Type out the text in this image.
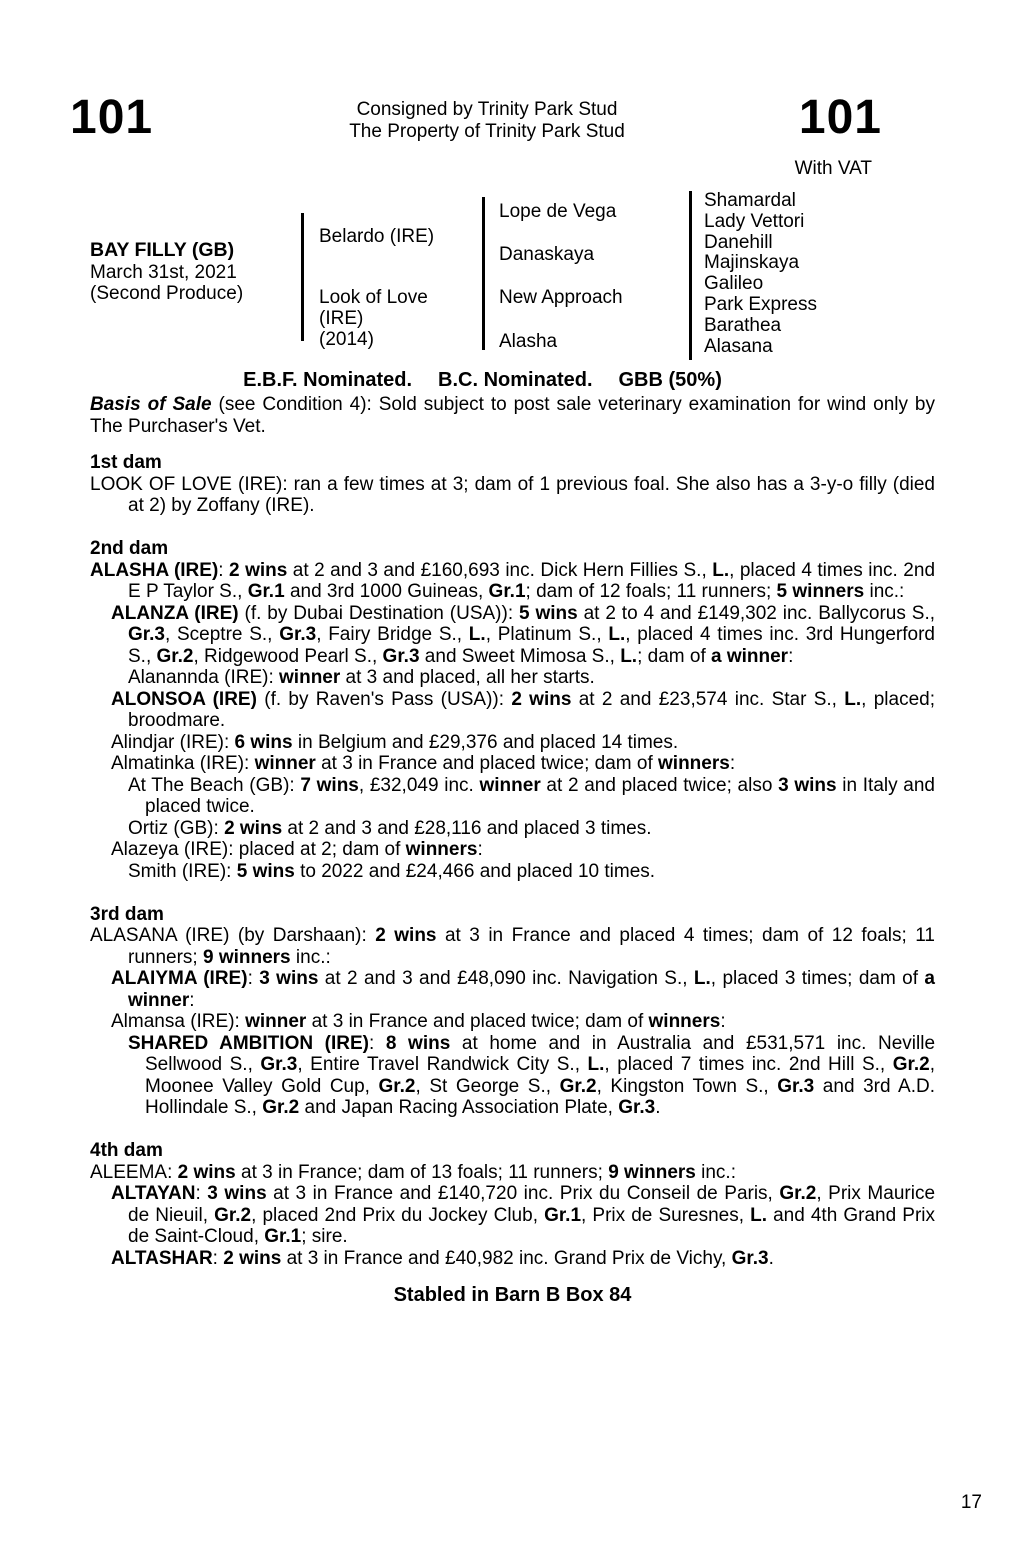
101	Consigned by Trinity Park Stud
The Property of Trinity Park Stud	101
With VAT
BAY FILLY (GB)
March 31st, 2021
(Second Produce)
Belardo (IRE)
Look of Love
(IRE)
(2014)
Lope de Vega
Danaskaya
New Approach
Alasha
Shamardal
Lady Vettori
Danehill
Majinskaya
Galileo
Park Express
Barathea
Alasana
E.B.F. Nominated. B.C. Nominated. GBB (50%)
Basis of Sale (see Condition 4): Sold subject to post sale veterinary examination for wind only by The Purchaser's Vet.
1st dam
LOOK OF LOVE (IRE): ran a few times at 3; dam of 1 previous foal. She also has a 3-y-o filly (died at 2) by Zoffany (IRE).
2nd dam
ALASHA (IRE): 2 wins at 2 and 3 and £160,693 inc. Dick Hern Fillies S., L., placed 4 times inc. 2nd E P Taylor S., Gr.1 and 3rd 1000 Guineas, Gr.1; dam of 12 foals; 11 runners; 5 winners inc.:
ALANZA (IRE) (f. by Dubai Destination (USA)): 5 wins at 2 to 4 and £149,302 inc. Ballycorus S., Gr.3, Sceptre S., Gr.3, Fairy Bridge S., L., Platinum S., L., placed 4 times inc. 3rd Hungerford S., Gr.2, Ridgewood Pearl S., Gr.3 and Sweet Mimosa S., L.; dam of a winner:
Alanannda (IRE): winner at 3 and placed, all her starts.
ALONSOA (IRE) (f. by Raven's Pass (USA)): 2 wins at 2 and £23,574 inc. Star S., L., placed; broodmare.
Alindjar (IRE): 6 wins in Belgium and £29,376 and placed 14 times.
Almatinka (IRE): winner at 3 in France and placed twice; dam of winners:
At The Beach (GB): 7 wins, £32,049 inc. winner at 2 and placed twice; also 3 wins in Italy and placed twice.
Ortiz (GB): 2 wins at 2 and 3 and £28,116 and placed 3 times.
Alazeya (IRE): placed at 2; dam of winners:
Smith (IRE): 5 wins to 2022 and £24,466 and placed 10 times.
3rd dam
ALASANA (IRE) (by Darshaan): 2 wins at 3 in France and placed 4 times; dam of 12 foals; 11 runners; 9 winners inc.:
ALAIYMA (IRE): 3 wins at 2 and 3 and £48,090 inc. Navigation S., L., placed 3 times; dam of a winner:
Almansa (IRE): winner at 3 in France and placed twice; dam of winners:
SHARED AMBITION (IRE): 8 wins at home and in Australia and £531,571 inc. Neville Sellwood S., Gr.3, Entire Travel Randwick City S., L., placed 7 times inc. 2nd Hill S., Gr.2, Moonee Valley Gold Cup, Gr.2, St George S., Gr.2, Kingston Town S., Gr.3 and 3rd A.D. Hollindale S., Gr.2 and Japan Racing Association Plate, Gr.3.
4th dam
ALEEMA: 2 wins at 3 in France; dam of 13 foals; 11 runners; 9 winners inc.:
ALTAYAN: 3 wins at 3 in France and £140,720 inc. Prix du Conseil de Paris, Gr.2, Prix Maurice de Nieuil, Gr.2, placed 2nd Prix du Jockey Club, Gr.1, Prix de Suresnes, L. and 4th Grand Prix de Saint-Cloud, Gr.1; sire.
ALTASHAR: 2 wins at 3 in France and £40,982 inc. Grand Prix de Vichy, Gr.3.
Stabled in Barn B Box 84
17
